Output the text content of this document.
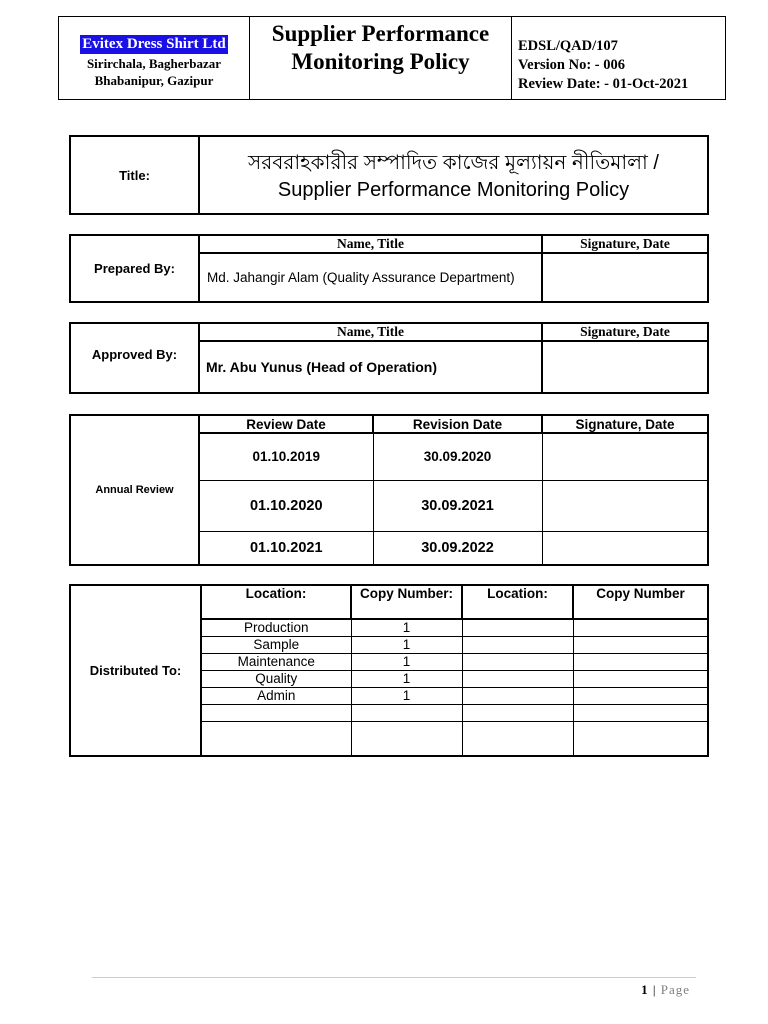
Evitex Dress Shirt Ltd
Sirirchala, Bagherbazar
Bhabanipur, Gazipur
Supplier Performance
Monitoring Policy
EDSL/QAD/107
Version No: - 006
Review Date: - 01-Oct-2021
Title:	
সরবরাহকারীর সম্পাদিত কাজের মূল্যায়ন নীতিমালা /
Supplier Performance Monitoring Policy
Prepared By:	Name, Title	Signature, Date
	Md. Jahangir Alam (Quality Assurance Department)	
Approved By:	Name, Title	Signature, Date
	Mr. Abu Yunus (Head of Operation)	
Annual Review	Review Date	Revision Date	Signature, Date
	01.10.2019	30.09.2020	
	01.10.2020	30.09.2021	
	01.10.2021	30.09.2022	
Distributed To:	Location:	Copy Number:	Location:	Copy Number
	Production	1		
	Sample	1		
	Maintenance	1		
	Quality	1		
	Admin	1		

1 | Page
